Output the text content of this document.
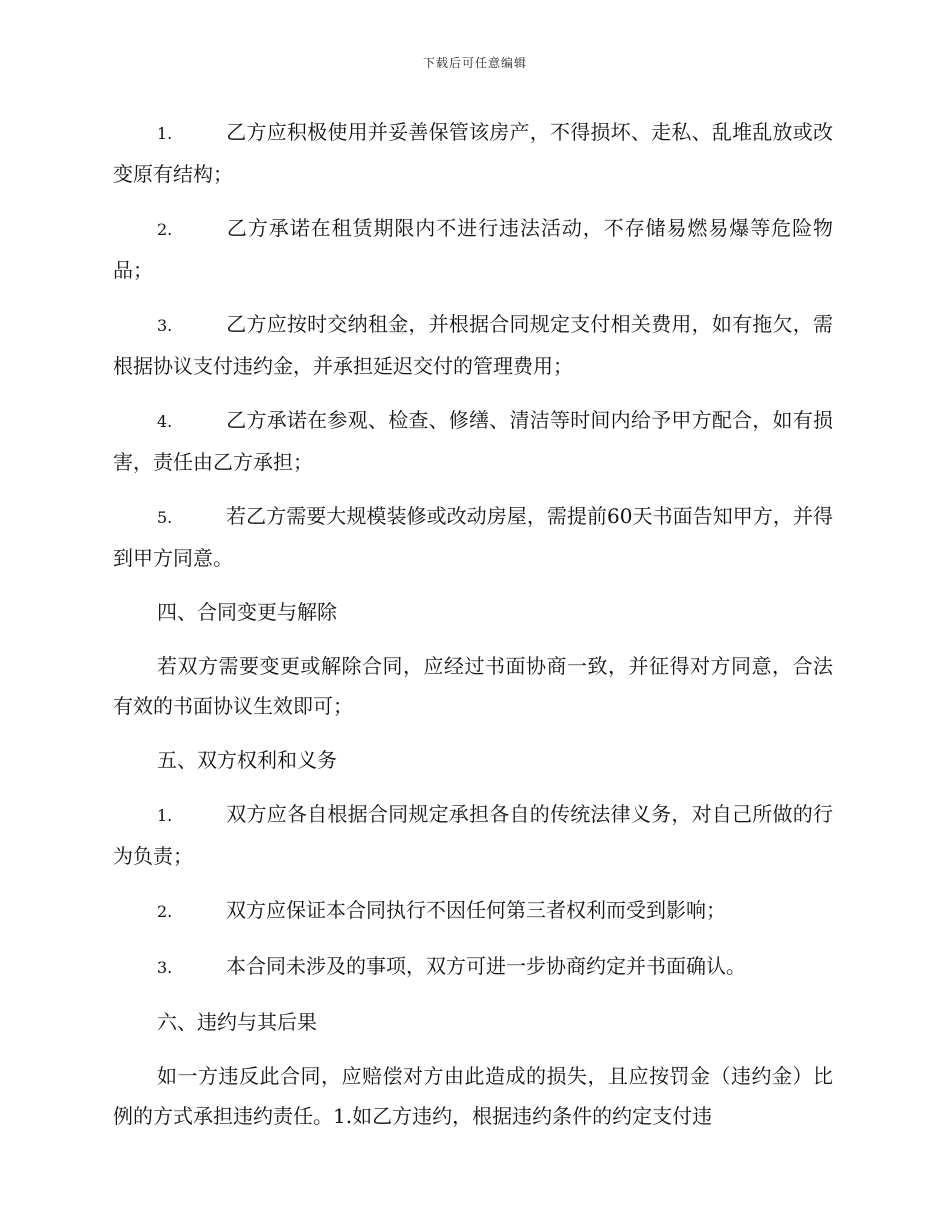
下载后可任意编辑
1.	乙方应积极使用并妥善保管该房产，不得损坏、走私、乱堆乱放或改变原有结构；
2.	乙方承诺在租赁期限内不进行违法活动，不存储易燃易爆等危险物品；
3.	乙方应按时交纳租金，并根据合同规定支付相关费用，如有拖欠，需根据协议支付违约金，并承担延迟交付的管理费用；
4.	乙方承诺在参观、检查、修缮、清洁等时间内给予甲方配合，如有损害，责任由乙方承担；
5.	若乙方需要大规模装修或改动房屋，需提前60天书面告知甲方，并得到甲方同意。
四、合同变更与解除
若双方需要变更或解除合同，应经过书面协商一致，并征得对方同意，合法有效的书面协议生效即可；
五、双方权利和义务
1.	双方应各自根据合同规定承担各自的传统法律义务，对自己所做的行为负责；
2.	双方应保证本合同执行不因任何第三者权利而受到影响；
3.	本合同未涉及的事项，双方可进一步协商约定并书面确认。
六、违约与其后果
如一方违反此合同，应赔偿对方由此造成的损失，且应按罚金（违约金）比例的方式承担违约责任。1.如乙方违约，根据违约条件的约定支付违
